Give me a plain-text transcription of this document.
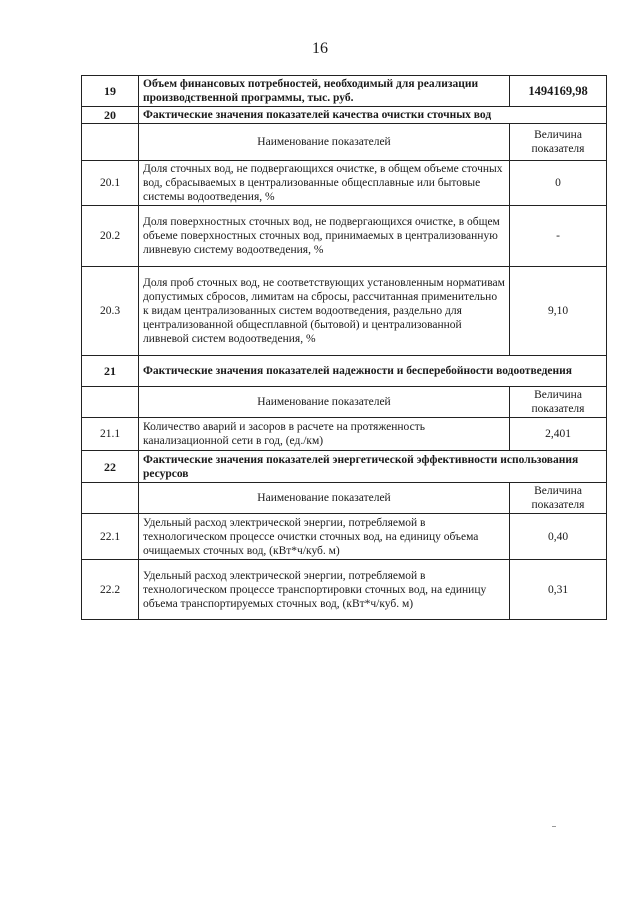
16
19	Объем финансовых потребностей, необходимый для реализации производственной программы, тыс. руб.	1494169,98
20	Фактические значения показателей качества очистки сточных вод	
	Наименование показателей	Величина показателя
20.1	Доля сточных вод, не подвергающихся очистке, в общем объеме сточных вод, сбрасываемых в централизованные общесплавные или бытовые системы водоотведения, %	0
20.2	Доля поверхностных сточных вод, не подвергающихся очистке, в общем объеме поверхностных сточных вод, принимаемых в централизованную ливневую систему водоотведения, %	-
20.3	Доля проб сточных вод, не соответствующих установленным нормативам допустимых сбросов, лимитам на сбросы, рассчитанная применительно к видам централизованных систем водоотведения, раздельно для централизованной общесплавной (бытовой) и централизованной ливневой систем водоотведения, %	9,10
21	Фактические значения показателей надежности и бесперебойности водоотведения	
	Наименование показателей	Величина показателя
21.1	Количество аварий и засоров в расчете на протяженность канализационной сети в год, (ед./км)	2,401
22	Фактические значения показателей энергетической эффективности использования ресурсов	
	Наименование показателей	Величина показателя
22.1	Удельный расход электрической энергии, потребляемой в технологическом процессе очистки сточных вод, на единицу объема очищаемых сточных вод, (кВт*ч/куб. м)	0,40
22.2	Удельный расход электрической энергии, потребляемой в технологическом процессе транспортировки сточных вод, на единицу объема транспортируемых сточных вод, (кВт*ч/куб. м)	0,31
